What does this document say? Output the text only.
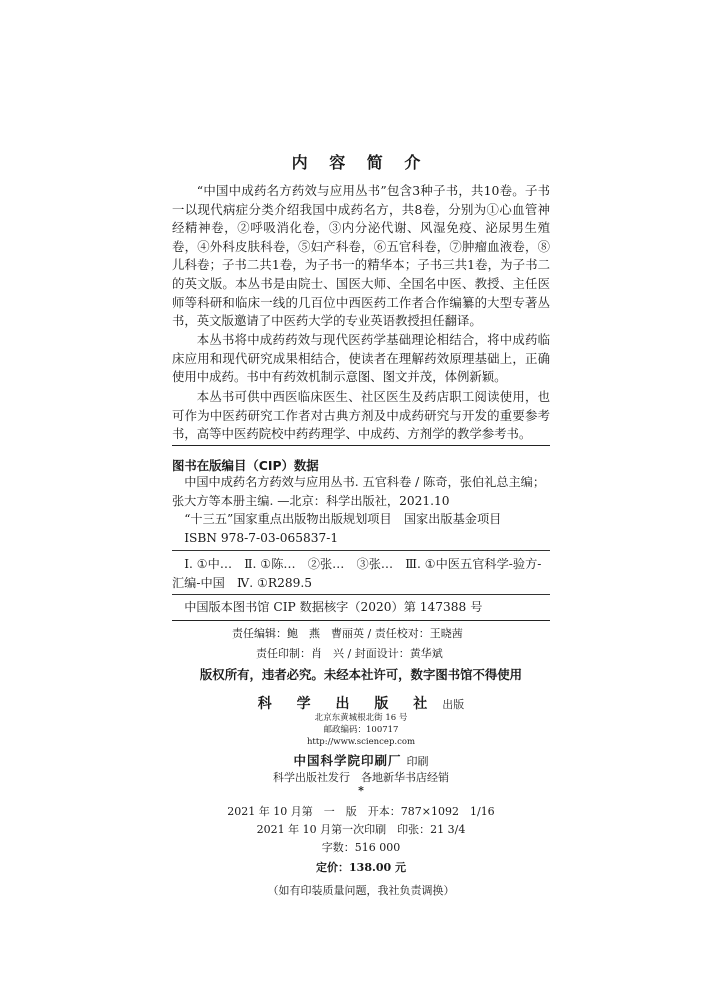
内 容 简 介

“中国中成药名方药效与应用丛书”包含3种子书，共10卷。子书一以现代病症分类介绍我国中成药名方，共8卷，分别为①心血管神经精神卷，②呼吸消化卷，③内分泌代谢、风湿免疫、泌尿男生殖卷，④外科皮肤科卷，⑤妇产科卷，⑥五官科卷，⑦肿瘤血液卷，⑧儿科卷；子书二共1卷，为子书一的精华本；子书三共1卷，为子书二的英文版。本丛书是由院士、国医大师、全国名中医、教授、主任医师等科研和临床一线的几百位中西医药工作者合作编纂的大型专著丛书，英文版邀请了中医药大学的专业英语教授担任翻译。

本丛书将中成药药效与现代医药学基础理论相结合，将中成药临床应用和现代研究成果相结合，使读者在理解药效原理基础上，正确使用中成药。书中有药效机制示意图、图文并茂，体例新颖。

本丛书可供中西医临床医生、社区医生及药店职工阅读使用，也可作为中医药研究工作者对古典方剂及中成药研究与开发的重要参考书，高等中医药院校中药药理学、中成药、方剂学的教学参考书。

图书在版编目（CIP）数据

中国中成药名方药效与应用丛书. 五官科卷 / 陈奇，张伯礼总主编；张大方等本册主编. —北京：科学出版社，2021.10

“十三五”国家重点出版物出版规划项目　国家出版基金项目

ISBN 978-7-03-065837-1

Ⅰ. ①中…　Ⅱ. ①陈…　②张…　③张…　Ⅲ. ①中医五官科学-验方-汇编-中国　Ⅳ. ①R289.5

中国版本图书馆 CIP 数据核字（2020）第 147388 号

责任编辑：鲍　燕　曹丽英 / 责任校对：王晓茜
责任印制：肖　兴 / 封面设计：黄华斌
版权所有，违者必究。未经本社许可，数字图书馆不得使用
科 学 出 版 社 出版
北京东黄城根北街 16 号
邮政编码：100717
http://www.sciencep.com
中国科学院印刷厂 印刷
科学出版社发行　各地新华书店经销
*
2021 年 10 月第　一　版　开本：787×1092　1/16
2021 年 10 月第一次印刷　印张：21 3/4
字数：516 000
定价：138.00 元
（如有印装质量问题，我社负责调换）
